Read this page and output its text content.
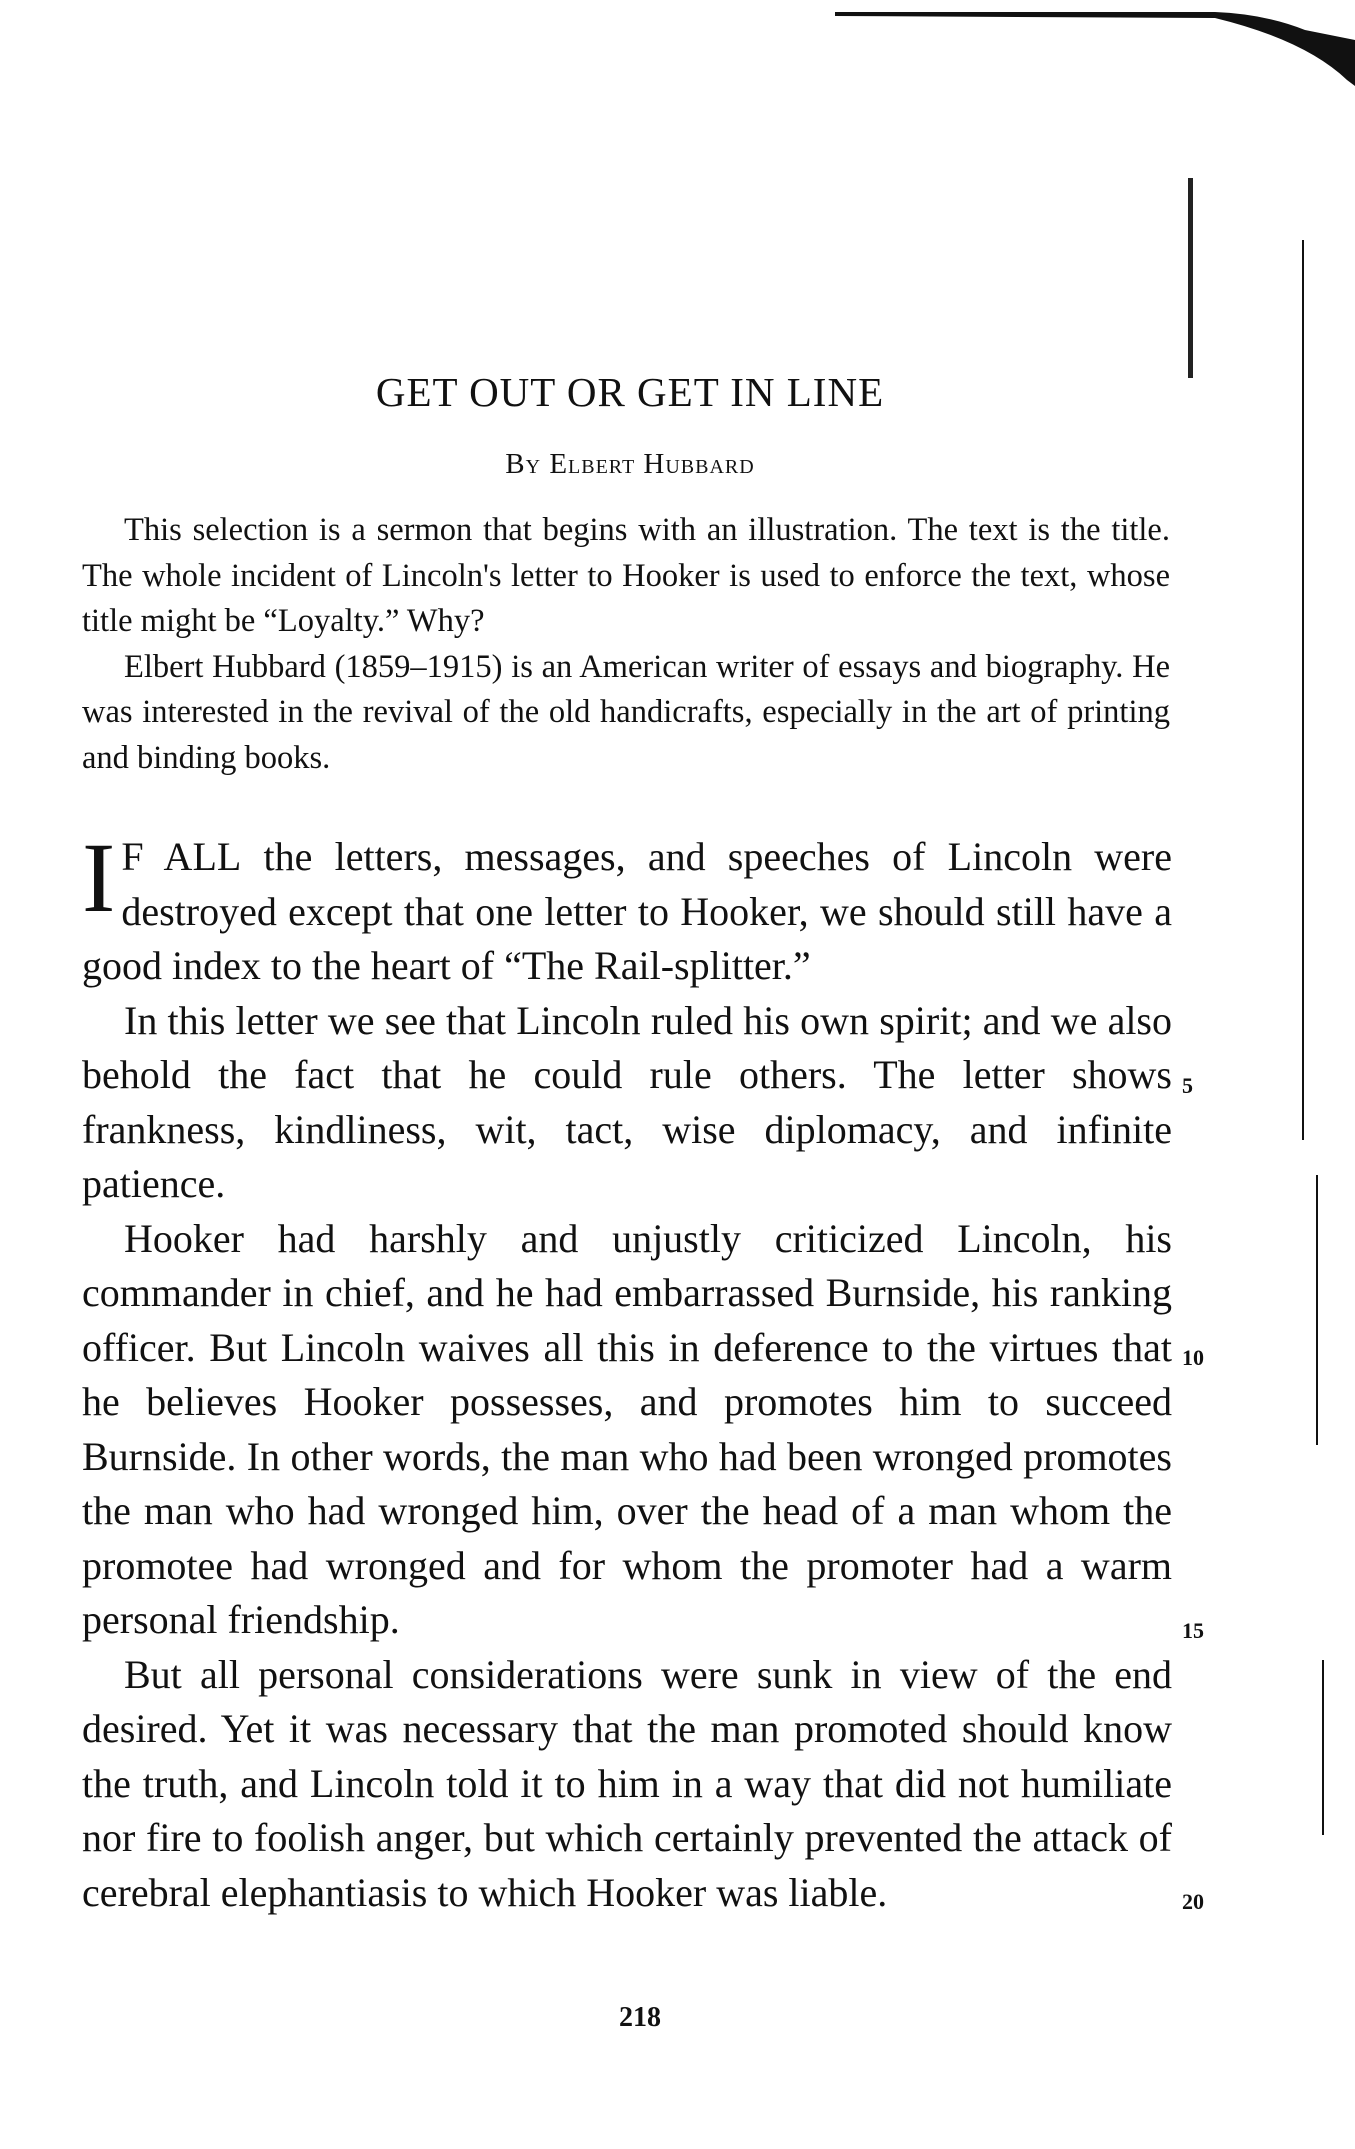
GET OUT OR GET IN LINE
By Elbert Hubbard

This selection is a sermon that begins with an illustration. The text is the title. The whole incident of Lincoln's letter to Hooker is used to enforce the text, whose title might be “Loyalty.” Why?

Elbert Hubbard (1859–1915) is an American writer of essays and biography. He was interested in the revival of the old handicrafts, especially in the art of printing and binding books.

I F ALL the letters, messages, and speeches of Lincoln were destroyed except that one letter to Hooker, we should still have a good index to the heart of “The Rail-splitter.”

In this letter we see that Lincoln ruled his own spirit; and we also behold the fact that he could rule others. The letter shows frankness, kindliness, wit, tact, wise diplomacy, and infinite patience.

Hooker had harshly and unjustly criticized Lincoln, his commander in chief, and he had embarrassed Burnside, his ranking officer. But Lincoln waives all this in deference to the virtues that he believes Hooker possesses, and promotes him to succeed Burnside. In other words, the man who had been wronged promotes the man who had wronged him, over the head of a man whom the promotee had wronged and for whom the promoter had a warm personal friendship.

But all personal considerations were sunk in view of the end desired. Yet it was necessary that the man promoted should know the truth, and Lincoln told it to him in a way that did not humiliate nor fire to foolish anger, but which certainly prevented the attack of cerebral elephantiasis to which Hooker was liable.

5
10
15
20
218
